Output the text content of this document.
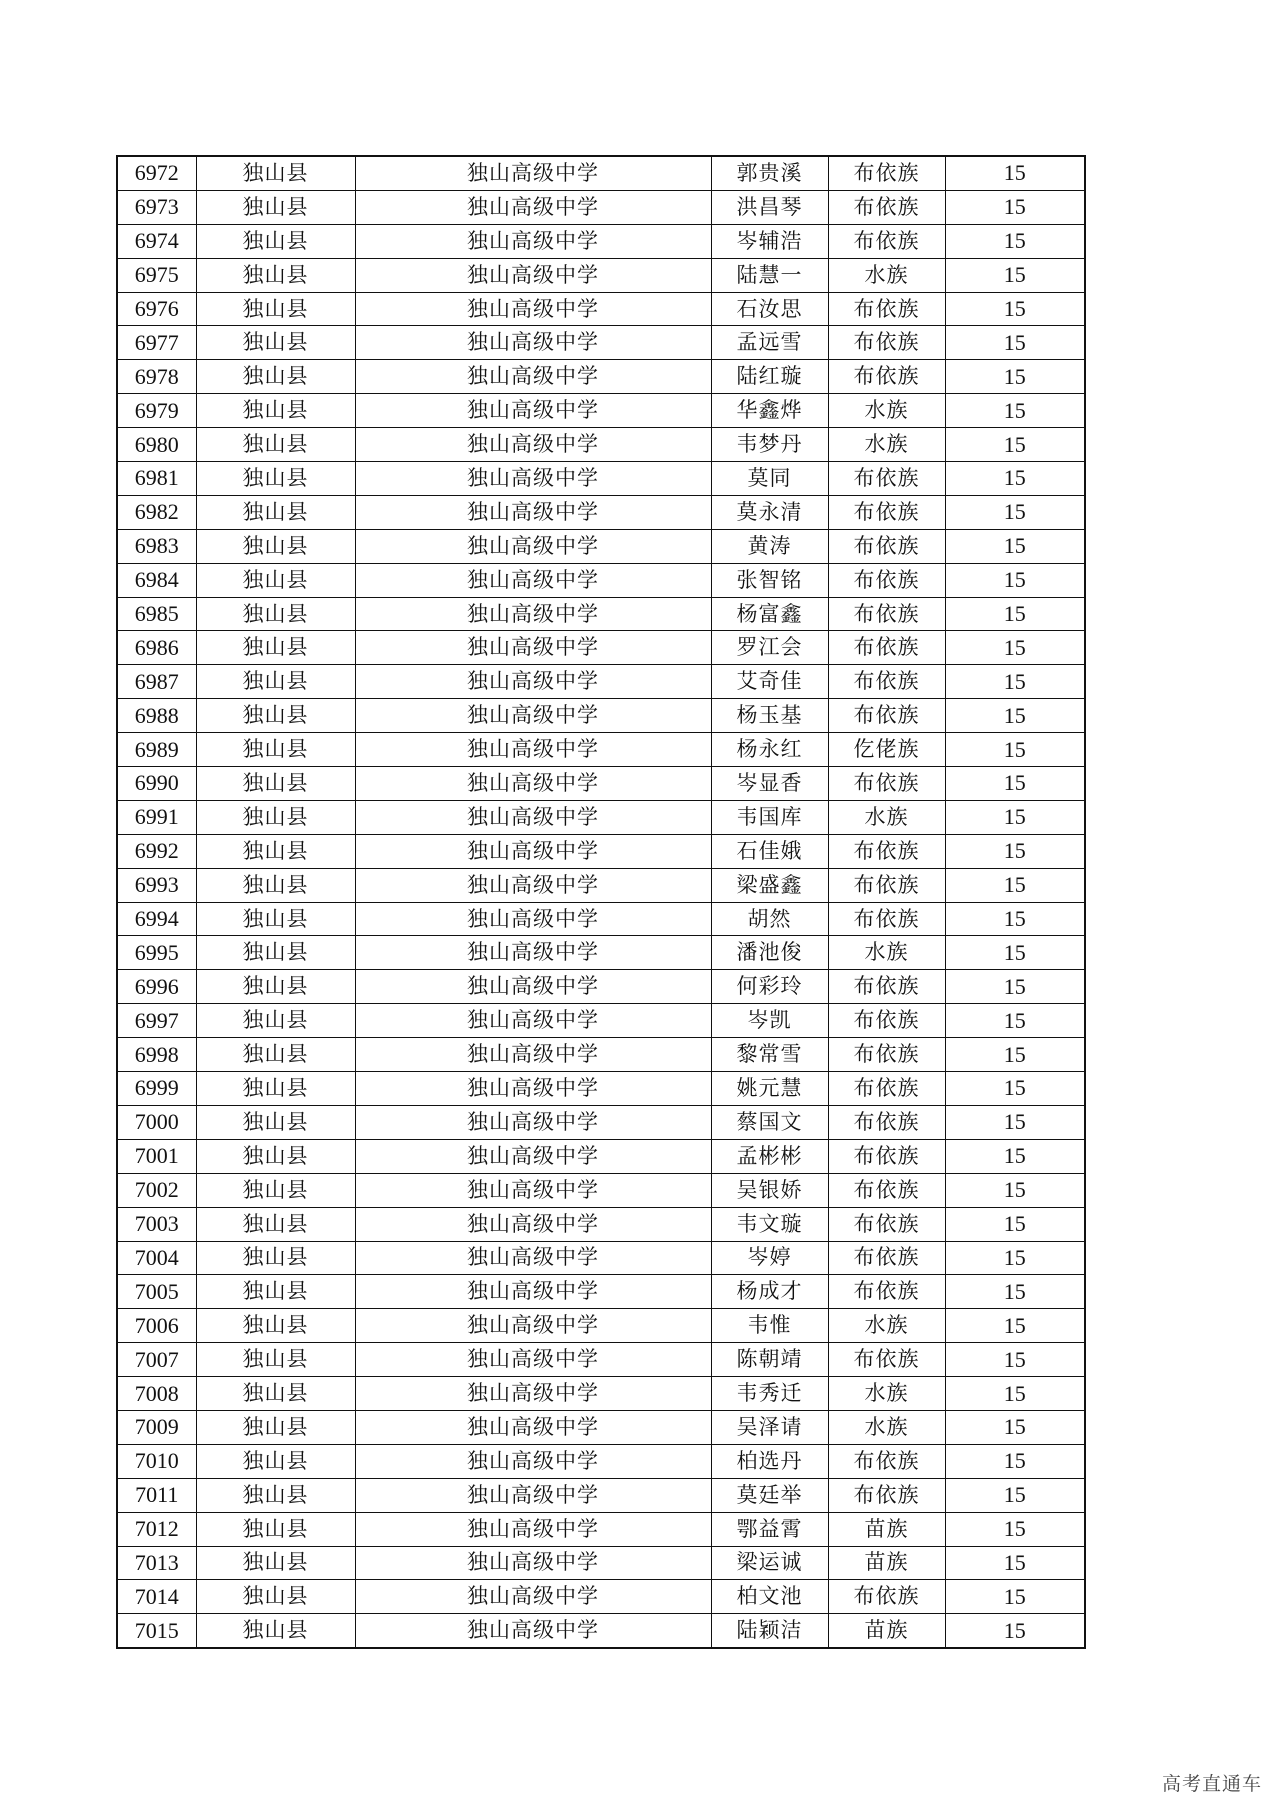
6972	独山县	独山高级中学	郭贵溪	布依族	15
6973	独山县	独山高级中学	洪昌琴	布依族	15
6974	独山县	独山高级中学	岑辅浩	布依族	15
6975	独山县	独山高级中学	陆慧一	水族	15
6976	独山县	独山高级中学	石汝思	布依族	15
6977	独山县	独山高级中学	孟远雪	布依族	15
6978	独山县	独山高级中学	陆红璇	布依族	15
6979	独山县	独山高级中学	华鑫烨	水族	15
6980	独山县	独山高级中学	韦梦丹	水族	15
6981	独山县	独山高级中学	莫同	布依族	15
6982	独山县	独山高级中学	莫永清	布依族	15
6983	独山县	独山高级中学	黄涛	布依族	15
6984	独山县	独山高级中学	张智铭	布依族	15
6985	独山县	独山高级中学	杨富鑫	布依族	15
6986	独山县	独山高级中学	罗江会	布依族	15
6987	独山县	独山高级中学	艾奇佳	布依族	15
6988	独山县	独山高级中学	杨玉基	布依族	15
6989	独山县	独山高级中学	杨永红	仡佬族	15
6990	独山县	独山高级中学	岑显香	布依族	15
6991	独山县	独山高级中学	韦国库	水族	15
6992	独山县	独山高级中学	石佳娥	布依族	15
6993	独山县	独山高级中学	梁盛鑫	布依族	15
6994	独山县	独山高级中学	胡然	布依族	15
6995	独山县	独山高级中学	潘池俊	水族	15
6996	独山县	独山高级中学	何彩玲	布依族	15
6997	独山县	独山高级中学	岑凯	布依族	15
6998	独山县	独山高级中学	黎常雪	布依族	15
6999	独山县	独山高级中学	姚元慧	布依族	15
7000	独山县	独山高级中学	蔡国文	布依族	15
7001	独山县	独山高级中学	孟彬彬	布依族	15
7002	独山县	独山高级中学	吴银娇	布依族	15
7003	独山县	独山高级中学	韦文璇	布依族	15
7004	独山县	独山高级中学	岑婷	布依族	15
7005	独山县	独山高级中学	杨成才	布依族	15
7006	独山县	独山高级中学	韦惟	水族	15
7007	独山县	独山高级中学	陈朝靖	布依族	15
7008	独山县	独山高级中学	韦秀迁	水族	15
7009	独山县	独山高级中学	吴泽请	水族	15
7010	独山县	独山高级中学	柏选丹	布依族	15
7011	独山县	独山高级中学	莫廷举	布依族	15
7012	独山县	独山高级中学	鄂益霄	苗族	15
7013	独山县	独山高级中学	梁运诚	苗族	15
7014	独山县	独山高级中学	柏文池	布依族	15
7015	独山县	独山高级中学	陆颖洁	苗族	15
高考直通车
